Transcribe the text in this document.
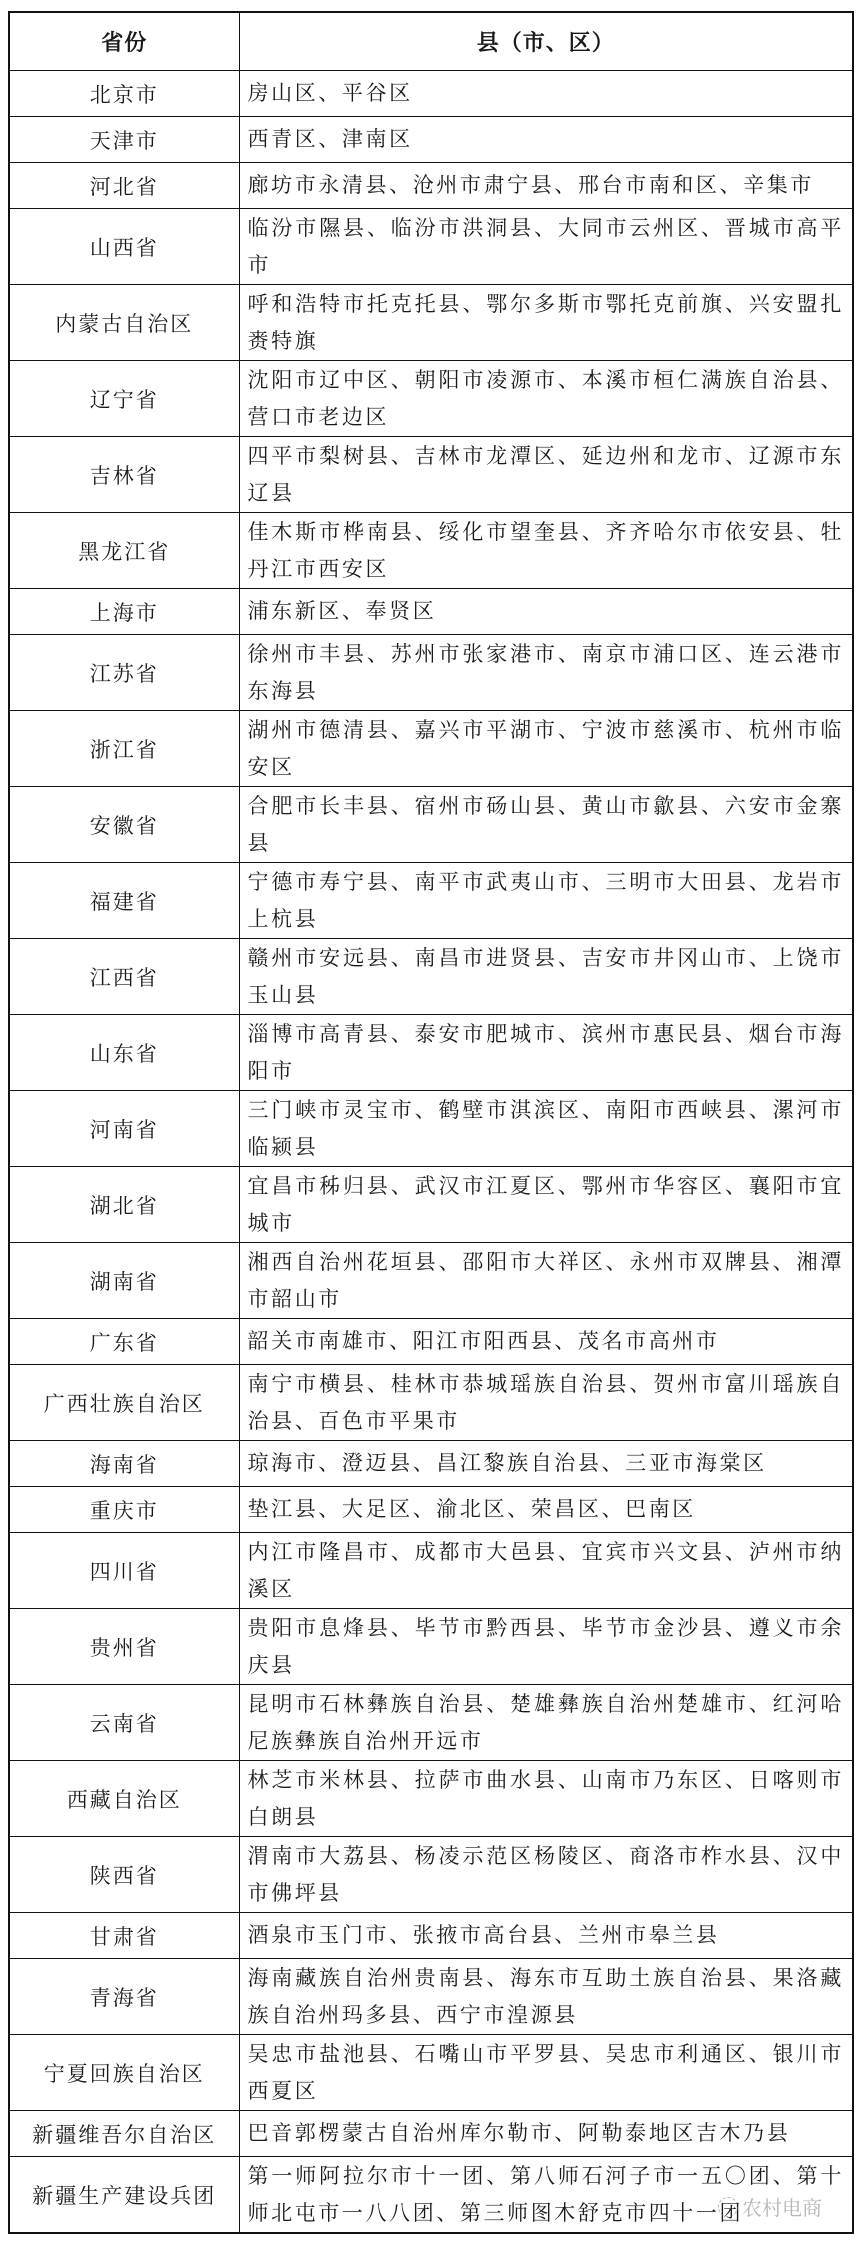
省份	县（市、区）
北京市	房山区、平谷区
天津市	西青区、津南区
河北省	廊坊市永清县、沧州市肃宁县、邢台市南和区、辛集市
山西省	临汾市隰县、临汾市洪洞县、大同市云州区、晋城市高平市
内蒙古自治区	呼和浩特市托克托县、鄂尔多斯市鄂托克前旗、兴安盟扎赉特旗
辽宁省	沈阳市辽中区、朝阳市凌源市、本溪市桓仁满族自治县、营口市老边区
吉林省	四平市梨树县、吉林市龙潭区、延边州和龙市、辽源市东辽县
黑龙江省	佳木斯市桦南县、绥化市望奎县、齐齐哈尔市依安县、牡丹江市西安区
上海市	浦东新区、奉贤区
江苏省	徐州市丰县、苏州市张家港市、南京市浦口区、连云港市东海县
浙江省	湖州市德清县、嘉兴市平湖市、宁波市慈溪市、杭州市临安区
安徽省	合肥市长丰县、宿州市砀山县、黄山市歙县、六安市金寨县
福建省	宁德市寿宁县、南平市武夷山市、三明市大田县、龙岩市上杭县
江西省	赣州市安远县、南昌市进贤县、吉安市井冈山市、上饶市玉山县
山东省	淄博市高青县、泰安市肥城市、滨州市惠民县、烟台市海阳市
河南省	三门峡市灵宝市、鹤壁市淇滨区、南阳市西峡县、漯河市临颍县
湖北省	宜昌市秭归县、武汉市江夏区、鄂州市华容区、襄阳市宜城市
湖南省	湘西自治州花垣县、邵阳市大祥区、永州市双牌县、湘潭市韶山市
广东省	韶关市南雄市、阳江市阳西县、茂名市高州市
广西壮族自治区	南宁市横县、桂林市恭城瑶族自治县、贺州市富川瑶族自治县、百色市平果市
海南省	琼海市、澄迈县、昌江黎族自治县、三亚市海棠区
重庆市	垫江县、大足区、渝北区、荣昌区、巴南区
四川省	内江市隆昌市、成都市大邑县、宜宾市兴文县、泸州市纳溪区
贵州省	贵阳市息烽县、毕节市黔西县、毕节市金沙县、遵义市余庆县
云南省	昆明市石林彝族自治县、楚雄彝族自治州楚雄市、红河哈尼族彝族自治州开远市
西藏自治区	林芝市米林县、拉萨市曲水县、山南市乃东区、日喀则市白朗县
陕西省	渭南市大荔县、杨凌示范区杨陵区、商洛市柞水县、汉中市佛坪县
甘肃省	酒泉市玉门市、张掖市高台县、兰州市皋兰县
青海省	海南藏族自治州贵南县、海东市互助土族自治县、果洛藏族自治州玛多县、西宁市湟源县
宁夏回族自治区	吴忠市盐池县、石嘴山市平罗县、吴忠市利通区、银川市西夏区
新疆维吾尔自治区	巴音郭楞蒙古自治州库尔勒市、阿勒泰地区吉木乃县
新疆生产建设兵团	第一师阿拉尔市十一团、第八师石河子市一五〇团、第十师北屯市一八八团、第三师图木舒克市四十一团
农村电商
